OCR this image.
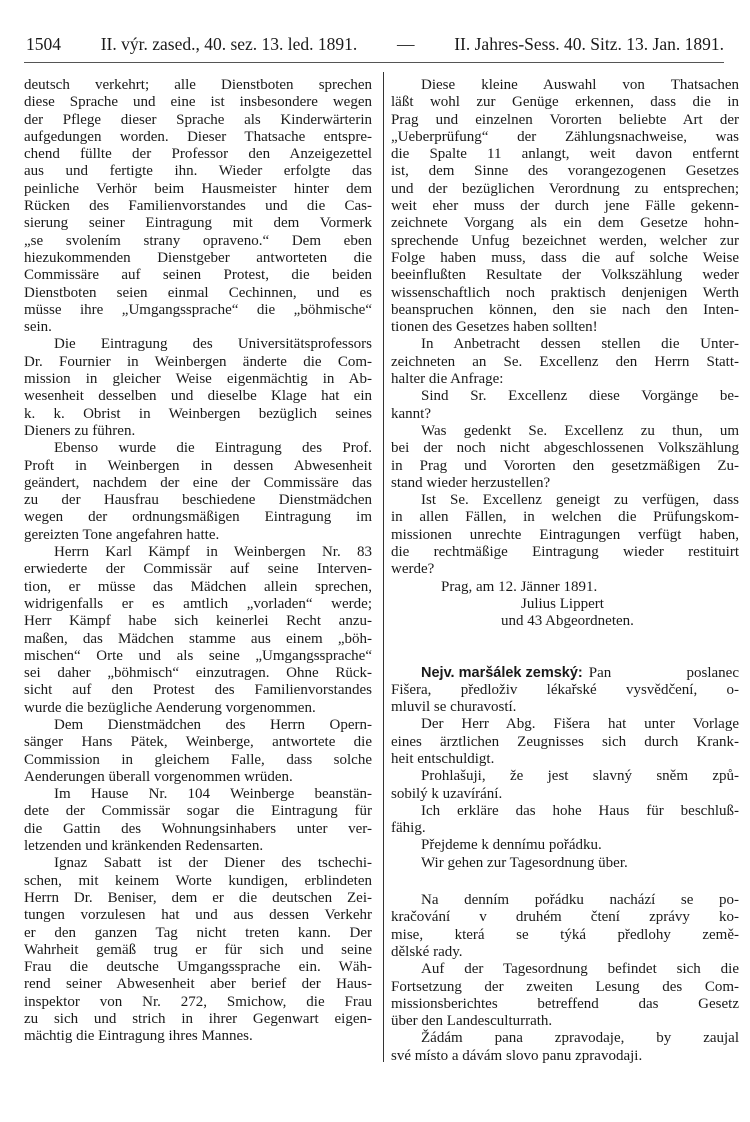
1504 II. výr. zased., 40. sez. 13. led. 1891. — II. Jahres-Sess. 40. Sitz. 13. Jan. 1891.
deutsch verkehrt; alle Dienstboten sprechen
diese Sprache und eine ist insbesondere wegen
der Pflege dieser Sprache als Kinderwärterin
aufgedungen worden. Dieser Thatsache entspre-
chend füllte der Professor den Anzeigezettel
aus und fertigte ihn. Wieder erfolgte das
peinliche Verhör beim Hausmeister hinter dem
Rücken des Familienvorstandes und die Cas-
sierung seiner Eintragung mit dem Vormerk
„se svolením strany opraveno.“ Dem eben
hiezukommenden Dienstgeber antworteten die
Commissäre auf seinen Protest, die beiden
Dienstboten seien einmal Cechinnen, und es
müsse ihre „Umgangssprache“ die „böhmische“
sein.
Die Eintragung des Universitätsprofessors
Dr. Fournier in Weinbergen änderte die Com-
mission in gleicher Weise eigenmächtig in Ab-
wesenheit desselben und dieselbe Klage hat ein
k. k. Obrist in Weinbergen bezüglich seines
Dieners zu führen.
Ebenso wurde die Eintragung des Prof.
Proft in Weinbergen in dessen Abwesenheit
geändert, nachdem der eine der Commissäre das
zu der Hausfrau beschiedene Dienstmädchen
wegen der ordnungsmäßigen Eintragung im
gereizten Tone angefahren hatte.
Herrn Karl Kämpf in Weinbergen Nr. 83
erwiederte der Commissär auf seine Interven-
tion, er müsse das Mädchen allein sprechen,
widrigenfalls er es amtlich „vorladen“ werde;
Herr Kämpf habe sich keinerlei Recht anzu-
maßen, das Mädchen stamme aus einem „böh-
mischen“ Orte und als seine „Umgangssprache“
sei daher „böhmisch“ einzutragen. Ohne Rück-
sicht auf den Protest des Familienvorstandes
wurde die bezügliche Aenderung vorgenommen.
Dem Dienstmädchen des Herrn Opern-
sänger Hans Pätek, Weinberge, antwortete die
Commission in gleichem Falle, dass solche
Aenderungen überall vorgenommen wrüden.
Im Hause Nr. 104 Weinberge beanstän-
dete der Commissär sogar die Eintragung für
die Gattin des Wohnungsinhabers unter ver-
letzenden und kränkenden Redensarten.
Ignaz Sabatt ist der Diener des tschechi-
schen, mit keinem Worte kundigen, erblindeten
Herrn Dr. Beniser, dem er die deutschen Zei-
tungen vorzulesen hat und aus dessen Verkehr
er den ganzen Tag nicht treten kann. Der
Wahrheit gemäß trug er für sich und seine
Frau die deutsche Umgangssprache ein. Wäh-
rend seiner Abwesenheit aber berief der Haus-
inspektor von Nr. 272, Smichow, die Frau
zu sich und strich in ihrer Gegenwart eigen-
mächtig die Eintragung ihres Mannes.
Diese kleine Auswahl von Thatsachen
läßt wohl zur Genüge erkennen, dass die in
Prag und einzelnen Vororten beliebte Art der
„Ueberprüfung“ der Zählungsnachweise, was
die Spalte 11 anlangt, weit davon entfernt
ist, dem Sinne des vorangezogenen Gesetzes
und der bezüglichen Verordnung zu entsprechen;
weit eher muss der durch jene Fälle gekenn-
zeichnete Vorgang als ein dem Gesetze hohn-
sprechende Unfug bezeichnet werden, welcher zur
Folge haben muss, dass die auf solche Weise
beeinflußten Resultate der Volkszählung weder
wissenschaftlich noch praktisch denjenigen Werth
beanspruchen können, den sie nach den Inten-
tionen des Gesetzes haben sollten!
In Anbetracht dessen stellen die Unter-
zeichneten an Se. Excellenz den Herrn Statt-
halter die Anfrage:
Sind Sr. Excellenz diese Vorgänge be-
kannt?
Was gedenkt Se. Excellenz zu thun, um
bei der noch nicht abgeschlossenen Volkszählung
in Prag und Vororten den gesetzmäßigen Zu-
stand wieder herzustellen?
Ist Se. Excellenz geneigt zu verfügen, dass
in allen Fällen, in welchen die Prüfungskom-
missionen unrechte Eintragungen verfügt haben,
die rechtmäßige Eintragung wieder restituirt
werde?
Prag, am 12. Jänner 1891.
Julius Lippert
und 43 Abgeordneten.
Nejv. maršálek zemský: Pan poslanec
Fišera, předloživ lékařské vysvědčení, o-
mluvil se churavostí.
Der Herr Abg. Fišera hat unter Vorlage
eines ärztlichen Zeugnisses sich durch Krank-
heit entschuldigt.
Prohlašuji, že jest slavný sněm způ-
sobilý k uzavírání.
Ich erkläre das hohe Haus für beschluß-
fähig.
Přejdeme k dennímu pořádku.
Wir gehen zur Tagesordnung über.
Na denním pořádku nachází se po-
kračování v druhém čtení zprávy ko-
mise, která se týká předlohy země-
dělské rady.
Auf der Tagesordnung befindet sich die
Fortsetzung der zweiten Lesung des Com-
missionsberichtes betreffend das Gesetz
über den Landesculturrath.
Žádám pana zpravodaje, by zaujal
své místo a dávám slovo panu zpravodaji.
